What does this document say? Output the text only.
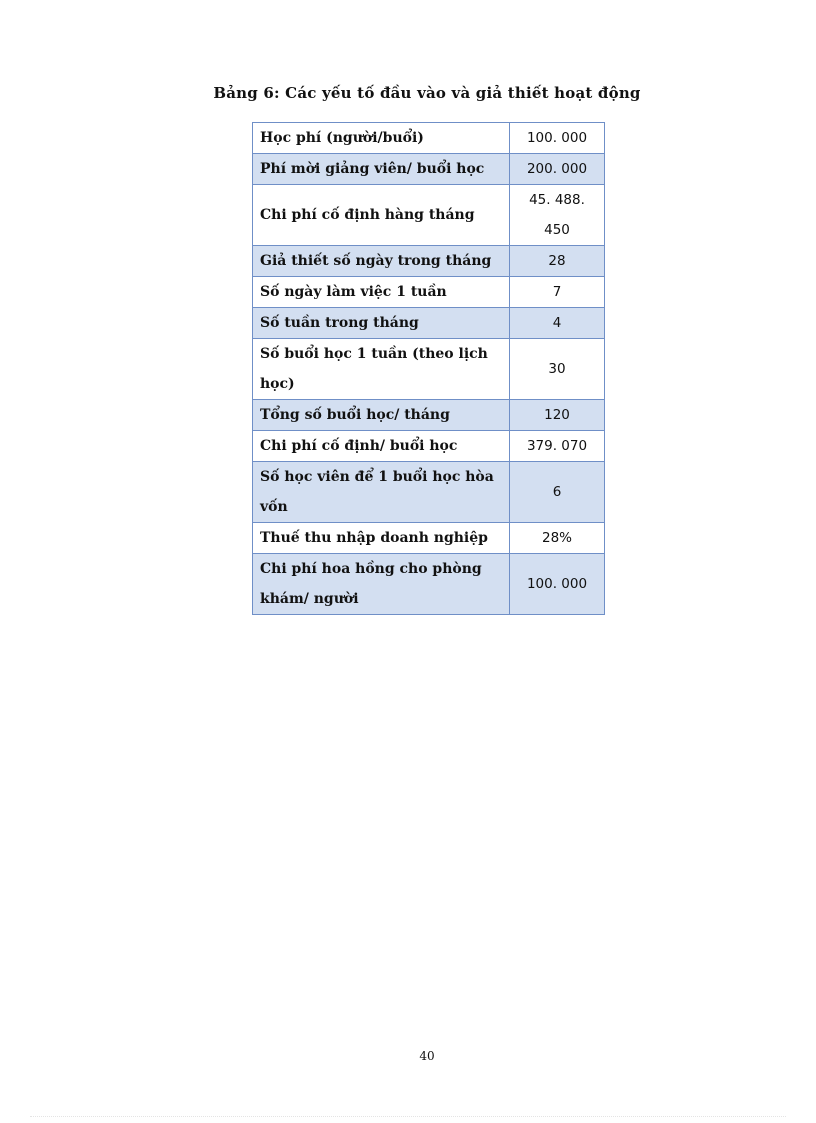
Bảng 6: Các yếu tố đầu vào và giả thiết hoạt động
Học phí (người/buổi)	100. 000
Phí mời giảng viên/ buổi học	200. 000
Chi phí cố định hàng tháng	45. 488. 450
Giả thiết số ngày trong tháng	28
Số ngày làm việc 1 tuần	7
Số tuần trong tháng	4
Số buổi học 1 tuần (theo lịch học)	30
Tổng số buổi học/ tháng	120
Chi phí cố định/ buổi học	379. 070
Số học viên để 1 buổi học hòa vốn	6
Thuế thu nhập doanh nghiệp	28%
Chi phí hoa hồng cho phòng khám/ người	100. 000
40
